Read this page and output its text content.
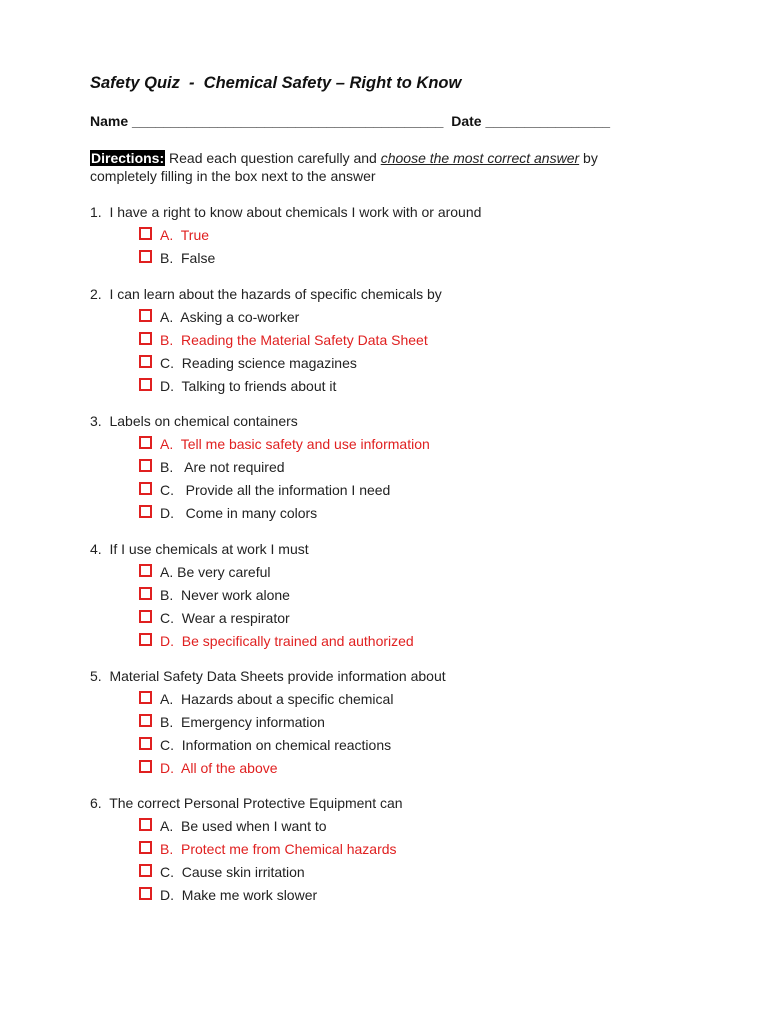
Safety Quiz  -  Chemical Safety – Right to Know
Name ________________________________________  Date ________________

Directions: Read each question carefully and choose the most correct answer by completely filling in the box next to the answer

1.  I have a right to know about chemicals I work with or around

A.  True
B.  False

2.  I can learn about the hazards of specific chemicals by

A.  Asking a co-worker
B.  Reading the Material Safety Data Sheet
C.  Reading science magazines
D.  Talking to friends about it

3.  Labels on chemical containers

A.  Tell me basic safety and use information
B.   Are not required
C.   Provide all the information I need
D.   Come in many colors

4.  If I use chemicals at work I must

A. Be very careful
B.  Never work alone
C.  Wear a respirator
D.  Be specifically trained and authorized

5.  Material Safety Data Sheets provide information about

A.  Hazards about a specific chemical
B.  Emergency information
C.  Information on chemical reactions
D.  All of the above

6.  The correct Personal Protective Equipment can

A.  Be used when I want to
B.  Protect me from Chemical hazards
C.  Cause skin irritation
D.  Make me work slower
